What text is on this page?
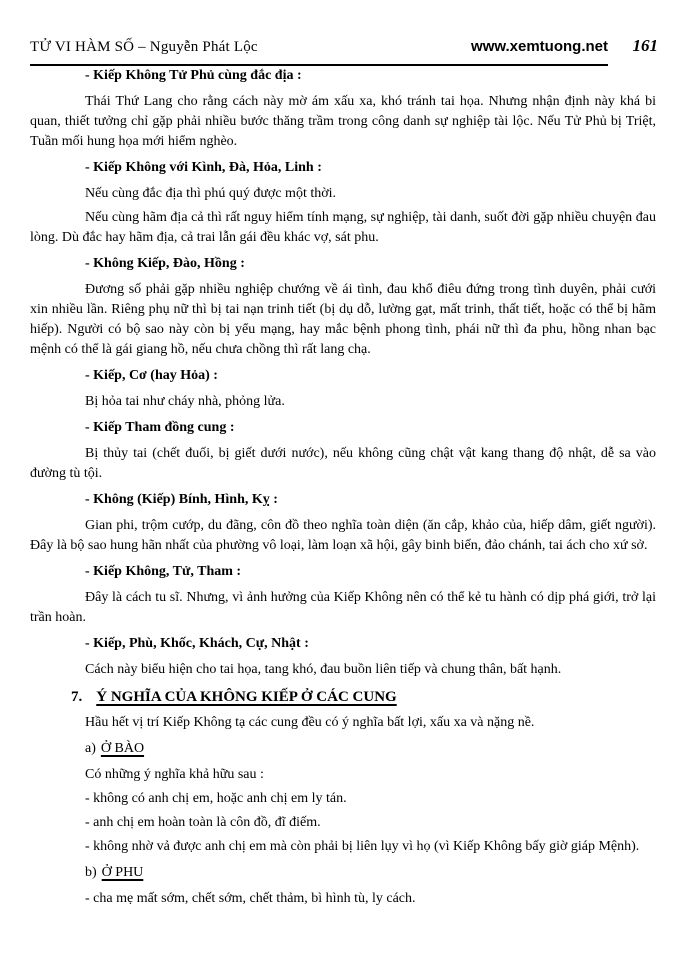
TỬ VI HÀM SỐ – Nguyễn Phát Lộc	www.xemtuong.net 161

- Kiếp Không Tử Phủ cùng đắc địa :

Thái Thứ Lang cho rằng cách này mờ ám xấu xa, khó tránh tai họa. Nhưng nhận định này khá bi quan, thiết tưởng chỉ gặp phải nhiều bước thăng trầm trong công danh sự nghiệp tài lộc. Nếu Tử Phủ bị Triệt, Tuần mối hung họa mới hiểm nghèo.

- Kiếp Không với Kình, Đà, Hỏa, Linh :

Nếu cùng đắc địa thì phú quý được một thời.

Nếu cùng hãm địa cả thì rất nguy hiểm tính mạng, sự nghiệp, tài danh, suốt đời gặp nhiều chuyện đau lòng. Dù đắc hay hãm địa, cả trai lẫn gái đều khác vợ, sát phu.

- Không Kiếp, Đào, Hồng :

Đương số phải gặp nhiều nghiệp chướng về ái tình, đau khổ điêu đứng trong tình duyên, phải cưới xin nhiều lần. Riêng phụ nữ thì bị tai nạn trinh tiết (bị dụ dỗ, lường gạt, mất trinh, thất tiết, hoặc có thể bị hãm hiếp). Người có bộ sao này còn bị yểu mạng, hay mắc bệnh phong tình, phái nữ thì đa phu, hồng nhan bạc mệnh có thể là gái giang hồ, nếu chưa chồng thì rất lang chạ.

- Kiếp, Cơ (hay Hỏa) :

Bị hỏa tai như cháy nhà, phỏng lửa.

- Kiếp Tham đồng cung :

Bị thủy tai (chết đuối, bị giết dưới nước), nếu không cũng chật vật kang thang độ nhật, dễ sa vào đường tù tội.

- Không (Kiếp) Bính, Hình, Kỵ :

Gian phi, trộm cướp, du đãng, côn đồ theo nghĩa toàn diện (ăn cắp, khảo của, hiếp dâm, giết người). Đây là bộ sao hung hãn nhất của phường vô loại, làm loạn xã hội, gây binh biến, đảo chánh, tai ách cho xứ sở.

- Kiếp Không, Tử, Tham :

Đây là cách tu sĩ. Nhưng, vì ảnh hưởng của Kiếp Không nên có thể kẻ tu hành có dịp phá giới, trở lại trần hoàn.

- Kiếp, Phù, Khốc, Khách, Cự, Nhật :

Cách này biểu hiện cho tai họa, tang khó, đau buồn liên tiếp và chung thân, bất hạnh.

7. Ý NGHĨA CỦA KHÔNG KIẾP Ở CÁC CUNG

Hầu hết vị trí Kiếp Không tạ các cung đều có ý nghĩa bất lợi, xấu xa và nặng nề.

a) Ở BÀO

Có những ý nghĩa khả hữu sau :

- không có anh chị em, hoặc anh chị em ly tán.

- anh chị em hoàn toàn là côn đồ, đĩ điếm.

- không nhờ vả được anh chị em mà còn phải bị liên lụy vì họ (vì Kiếp Không bấy giờ giáp Mệnh).

b) Ở PHU

- cha mẹ mất sớm, chết sớm, chết thảm, bì hình tù, ly cách.
